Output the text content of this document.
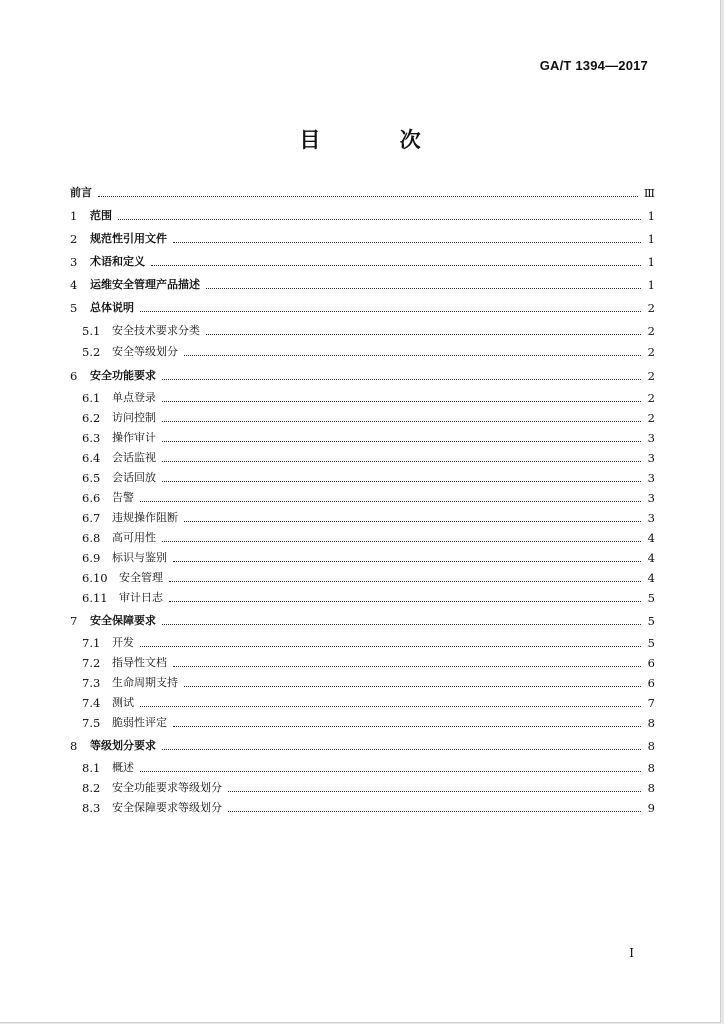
GA/T 1394—2017
目 次
前言	Ⅲ
1	范围	1
2	规范性引用文件	1
3	术语和定义	1
4	运维安全管理产品描述	1
5	总体说明	2
5.1	安全技术要求分类	2
5.2	安全等级划分	2
6	安全功能要求	2
6.1	单点登录	2
6.2	访问控制	2
6.3	操作审计	3
6.4	会话监视	3
6.5	会话回放	3
6.6	告警	3
6.7	违规操作阻断	3
6.8	高可用性	4
6.9	标识与鉴别	4
6.10	安全管理	4
6.11	审计日志	5
7	安全保障要求	5
7.1	开发	5
7.2	指导性文档	6
7.3	生命周期支持	6
7.4	测试	7
7.5	脆弱性评定	8
8	等级划分要求	8
8.1	概述	8
8.2	安全功能要求等级划分	8
8.3	安全保障要求等级划分	9
I
